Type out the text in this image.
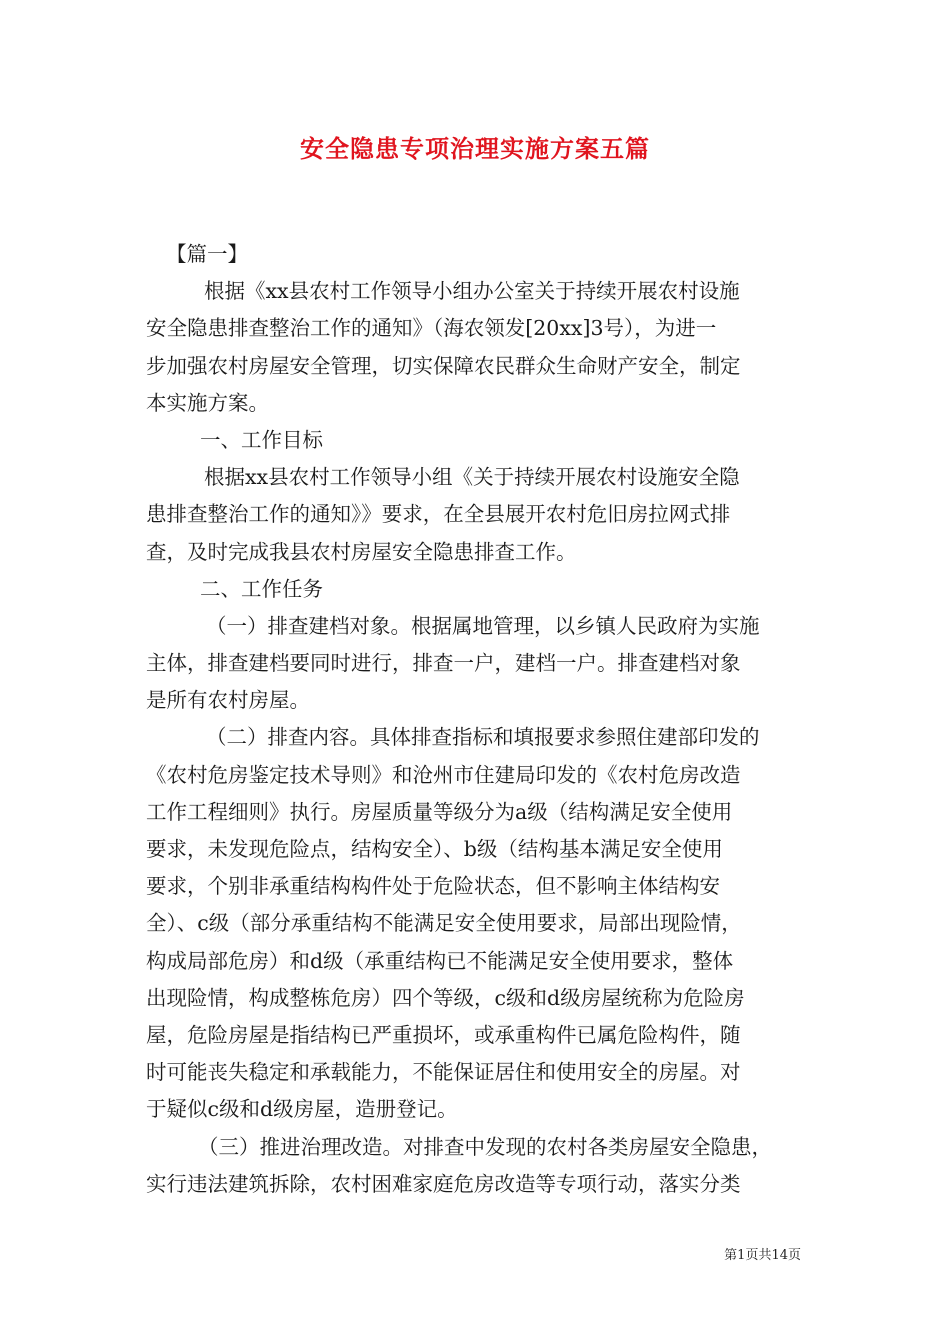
安全隐患专项治理实施方案五篇
【篇一】
根据《xx县农村工作领导小组办公室关于持续开展农村设施
安全隐患排查整治工作的通知》（海农领发[20xx]3号），为进一
步加强农村房屋安全管理，切实保障农民群众生命财产安全，制定
本实施方案。
一、工作目标
根据xx县农村工作领导小组《关于持续开展农村设施安全隐
患排查整治工作的通知》》要求，在全县展开农村危旧房拉网式排
查，及时完成我县农村房屋安全隐患排查工作。
二、工作任务
（一）排查建档对象。根据属地管理，以乡镇人民政府为实施
主体，排查建档要同时进行，排查一户，建档一户。排查建档对象
是所有农村房屋。
（二）排查内容。具体排查指标和填报要求参照住建部印发的
《农村危房鉴定技术导则》和沧州市住建局印发的《农村危房改造
工作工程细则》执行。房屋质量等级分为a级（结构满足安全使用
要求，未发现危险点，结构安全）、b级（结构基本满足安全使用
要求，个别非承重结构构件处于危险状态，但不影响主体结构安
全）、c级（部分承重结构不能满足安全使用要求，局部出现险情，
构成局部危房）和d级（承重结构已不能满足安全使用要求，整体
出现险情，构成整栋危房）四个等级，c级和d级房屋统称为危险房
屋，危险房屋是指结构已严重损坏，或承重构件已属危险构件，随
时可能丧失稳定和承载能力，不能保证居住和使用安全的房屋。对
于疑似c级和d级房屋，造册登记。
（三）推进治理改造。对排查中发现的农村各类房屋安全隐患，
实行违法建筑拆除，农村困难家庭危房改造等专项行动，落实分类
第1页共14页
